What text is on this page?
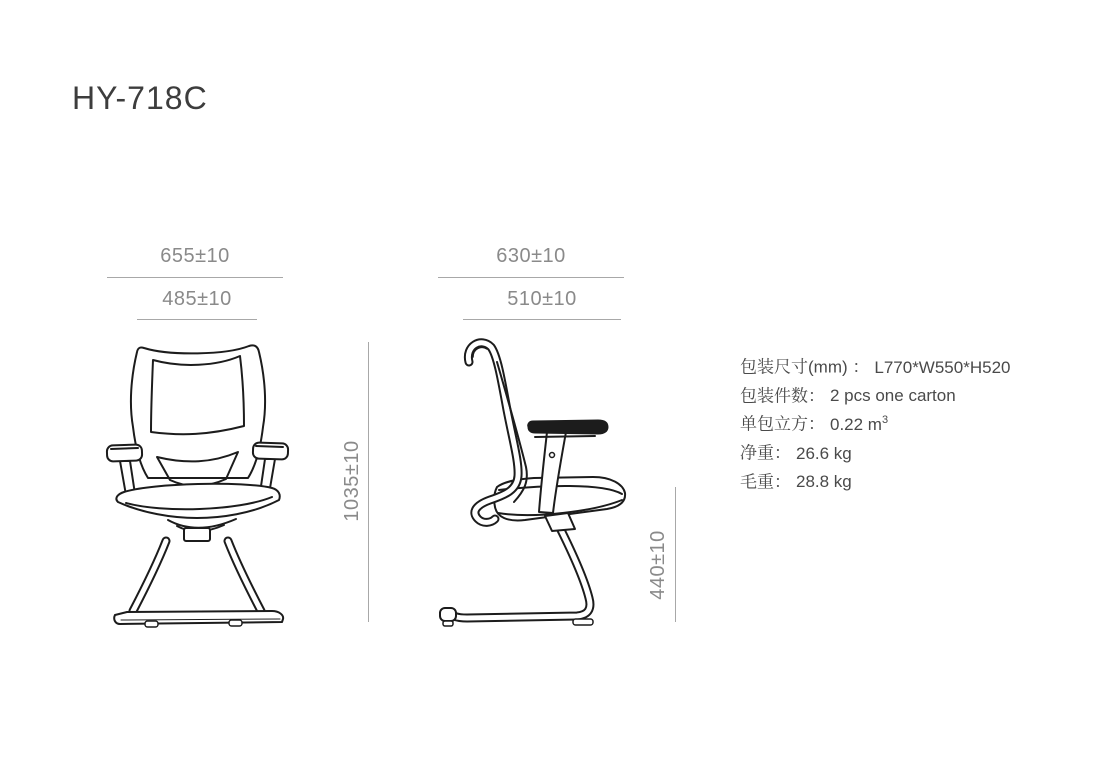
HY-718C
655±10
485±10
1035±10
630±10
510±10
440±10
包装尺寸(mm) ： L770*W550*H520
包装件数： 2 pcs one carton
单包立方： 0.22 $m^3$
净重： 26.6 kg
毛重： 28.8 kg
